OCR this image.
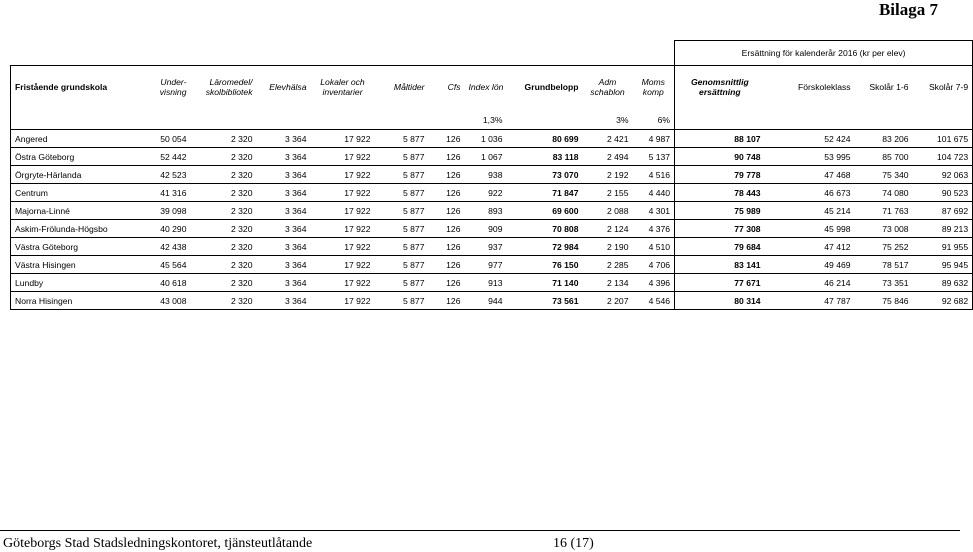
Bilaga 7
											Ersättning för kalenderår 2016 (kr per elev)			
Fristående grundskola	Under- visning	Läromedel/ skolbibliotek	Elevhälsa	Lokaler och inventarier	Måltider	Cfs	Index lön	Grundbelopp	Adm schablon	Moms komp	Genomsnittlig ersättning	Förskoleklass	Skolår 1-6	Skolår 7-9
							1,3%		3%	6%				
Angered	50 054	2 320	3 364	17 922	5 877	126	1 036	80 699	2 421	4 987	88 107	52 424	83 206	101 675
Östra Göteborg	52 442	2 320	3 364	17 922	5 877	126	1 067	83 118	2 494	5 137	90 748	53 995	85 700	104 723
Örgryte-Härlanda	42 523	2 320	3 364	17 922	5 877	126	938	73 070	2 192	4 516	79 778	47 468	75 340	92 063
Centrum	41 316	2 320	3 364	17 922	5 877	126	922	71 847	2 155	4 440	78 443	46 673	74 080	90 523
Majorna-Linné	39 098	2 320	3 364	17 922	5 877	126	893	69 600	2 088	4 301	75 989	45 214	71 763	87 692
Askim-Frölunda-Högsbo	40 290	2 320	3 364	17 922	5 877	126	909	70 808	2 124	4 376	77 308	45 998	73 008	89 213
Västra Göteborg	42 438	2 320	3 364	17 922	5 877	126	937	72 984	2 190	4 510	79 684	47 412	75 252	91 955
Västra Hisingen	45 564	2 320	3 364	17 922	5 877	126	977	76 150	2 285	4 706	83 141	49 469	78 517	95 945
Lundby	40 618	2 320	3 364	17 922	5 877	126	913	71 140	2 134	4 396	77 671	46 214	73 351	89 632
Norra Hisingen	43 008	2 320	3 364	17 922	5 877	126	944	73 561	2 207	4 546	80 314	47 787	75 846	92 682
Göteborgs Stad Stadsledningskontoret, tjänsteutlåtande	16 (17)
